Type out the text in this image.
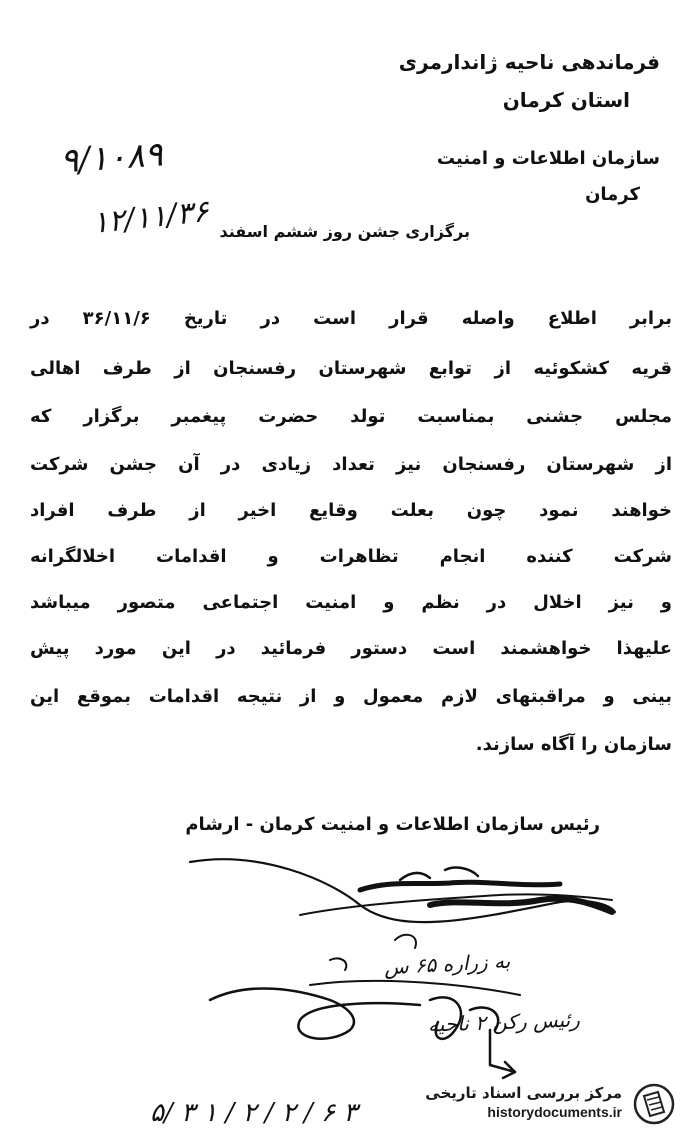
فرماندهی ناحیه ژاندارمری
استان کرمان
سازمان اطلاعات و امنیت
کرمان
۹/۱۰۸۹
۱۲/۱۱/۳۶ برگزاری جشن روز ششم اسفند
برابر اطلاع واصله قرار است در تاریخ ۳۶/۱۱/۶ در
قریه کشکوئیه از توابع شهرستان رفسنجان از طرف اهالی
مجلس جشنی بمناسبت تولد حضرت پیغمبر برگزار که
از شهرستان رفسنجان نیز تعداد زیادی در آن جشن شرکت
خواهند نمود چون بعلت وقایع اخیر از طرف افراد
شرکت کننده انجام تظاهرات و اقدامات اخلالگرانه
و نیز اخلال در نظم و امنیت اجتماعی متصور میباشد
علیهذا خواهشمند است دستور فرمائید در این مورد پیش
بینی و مراقبتهای لازم معمول و از نتیجه اقدامات بموقع این
سازمان را آگاه سازند.
رئیس سازمان اطلاعات و امنیت کرمان - ارشام
به زراره ۶۵ س
رئیس رکن ۲ ناحیه
۵/ ۳ ۱ / ۲ / ۲ / ۶ ۳
مرکز بررسی اسناد تاریخی
historydocuments.ir
